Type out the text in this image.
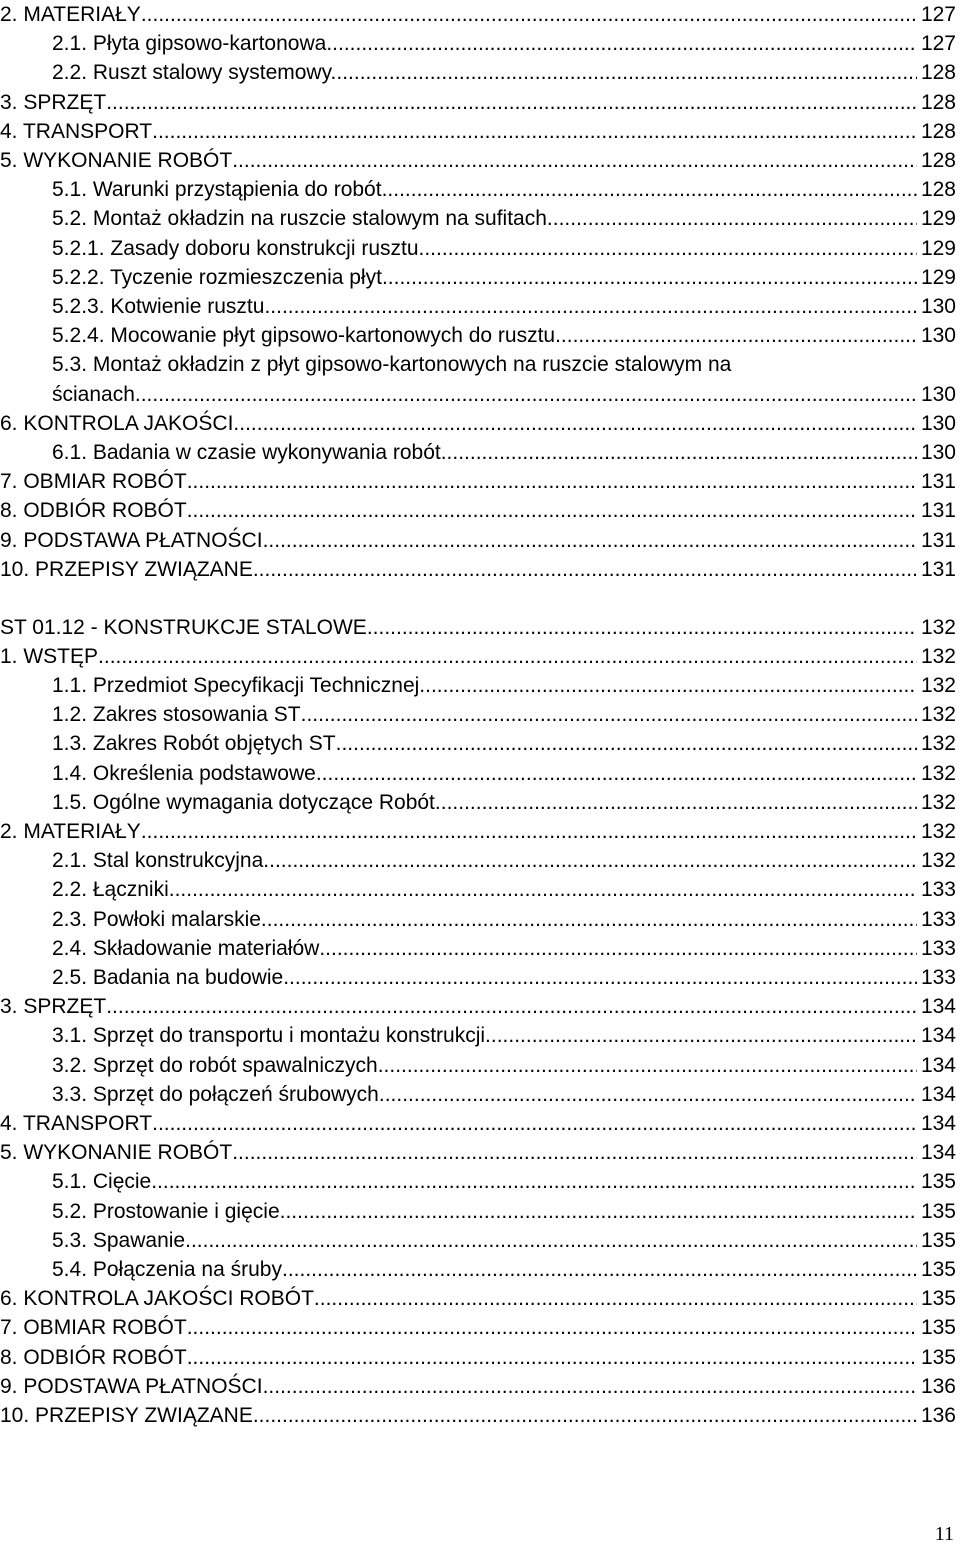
2. MATERIAŁY .....	127
2.1. Płyta gipsowo-kartonowa. .....	127
2.2. Ruszt stalowy systemowy. .....	128
3. SPRZĘT .....	128
4. TRANSPORT .....	128
5. WYKONANIE ROBÓT .....	128
5.1. Warunki przystąpienia do robót .....	128
5.2. Montaż okładzin na ruszcie stalowym na sufitach .....	129
5.2.1. Zasady doboru konstrukcji rusztu .....	129
5.2.2. Tyczenie rozmieszczenia płyt .....	129
5.2.3. Kotwienie rusztu .....	130
5.2.4. Mocowanie płyt gipsowo-kartonowych do rusztu .....	130
5.3. Montaż okładzin z płyt gipsowo-kartonowych na ruszcie stalowym na
ścianach .....	130
6. KONTROLA JAKOŚCI .....	130
6.1. Badania w czasie wykonywania robót .....	130
7. OBMIAR ROBÓT .....	131
8. ODBIÓR ROBÓT .....	131
9. PODSTAWA PŁATNOŚCI .....	131
10. PRZEPISY ZWIĄZANE .....	131
ST 01.12 - KONSTRUKCJE STALOWE .....	132
1. WSTĘP .....	132
1.1. Przedmiot Specyfikacji Technicznej .....	132
1.2. Zakres stosowania ST .....	132
1.3. Zakres Robót objętych ST .....	132
1.4. Określenia podstawowe .....	132
1.5. Ogólne wymagania dotyczące Robót .....	132
2. MATERIAŁY .....	132
2.1. Stal konstrukcyjna. .....	132
2.2. Łączniki .....	133
2.3. Powłoki malarskie .....	133
2.4. Składowanie materiałów .....	133
2.5. Badania na budowie .....	133
3. SPRZĘT .....	134
3.1. Sprzęt do transportu i montażu konstrukcji .....	134
3.2. Sprzęt do robót spawalniczych .....	134
3.3. Sprzęt do połączeń śrubowych .....	134
4. TRANSPORT .....	134
5. WYKONANIE ROBÓT .....	134
5.1. Cięcie .....	135
5.2. Prostowanie i gięcie .....	135
5.3. Spawanie .....	135
5.4. Połączenia na śruby .....	135
6. KONTROLA JAKOŚCI ROBÓT .....	135
7. OBMIAR ROBÓT .....	135
8. ODBIÓR ROBÓT .....	135
9. PODSTAWA PŁATNOŚCI .....	136
10. PRZEPISY ZWIĄZANE .....	136
11
